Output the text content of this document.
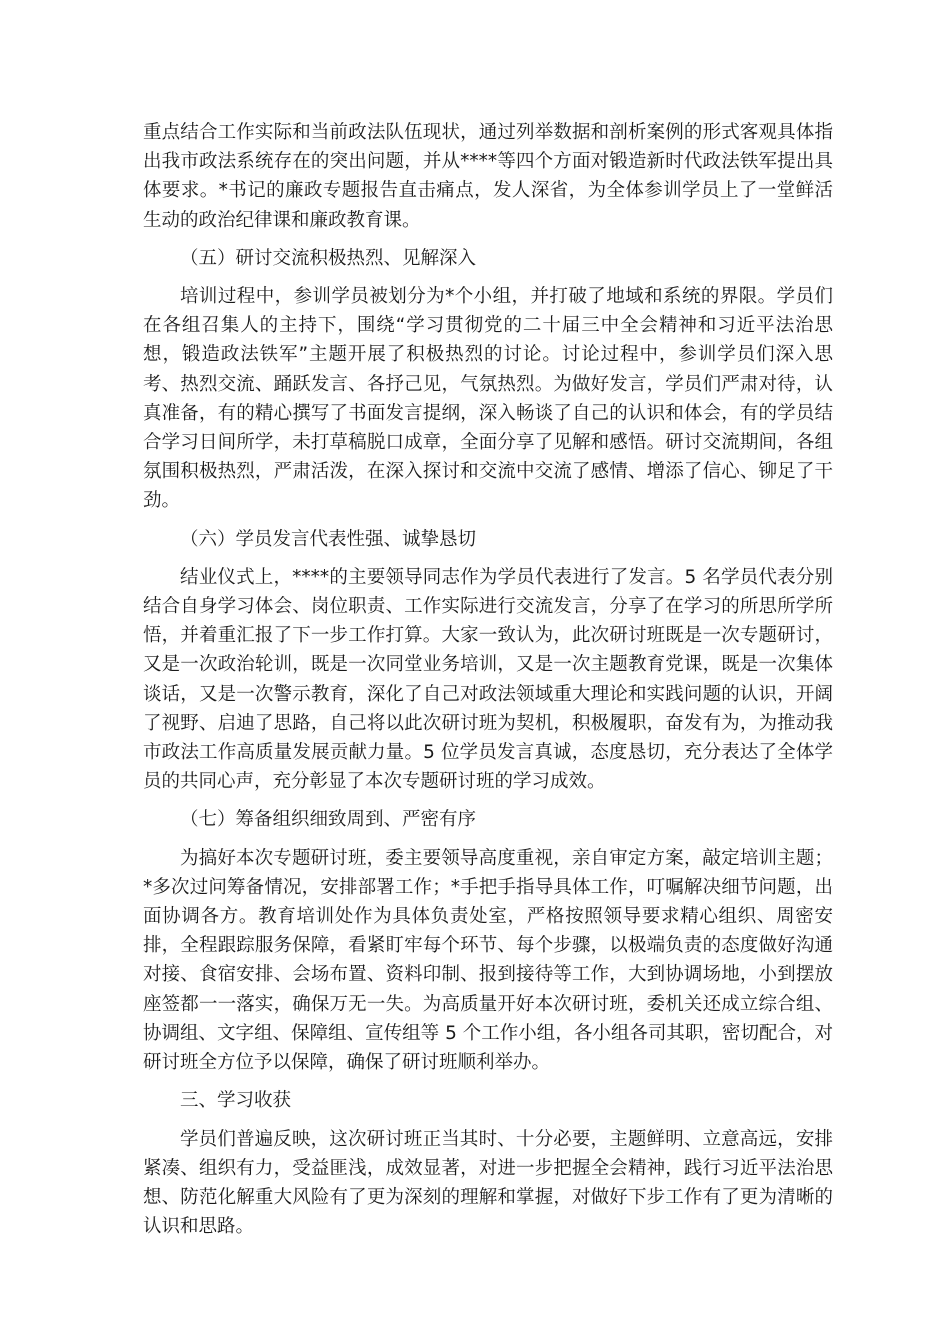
重点结合工作实际和当前政法队伍现状，通过列举数据和剖析案例的形式客观具体指出我市政法系统存在的突出问题，并从****等四个方面对锻造新时代政法铁军提出具体要求。*书记的廉政专题报告直击痛点，发人深省，为全体参训学员上了一堂鲜活生动的政治纪律课和廉政教育课。

（五）研讨交流积极热烈、见解深入

培训过程中，参训学员被划分为*个小组，并打破了地域和系统的界限。学员们在各组召集人的主持下，围绕“学习贯彻党的二十届三中全会精神和习近平法治思想，锻造政法铁军”主题开展了积极热烈的讨论。讨论过程中，参训学员们深入思考、热烈交流、踊跃发言、各抒己见，气氛热烈。为做好发言，学员们严肃对待，认真准备，有的精心撰写了书面发言提纲，深入畅谈了自己的认识和体会，有的学员结合学习日间所学，未打草稿脱口成章，全面分享了见解和感悟。研讨交流期间，各组氛围积极热烈，严肃活泼，在深入探讨和交流中交流了感情、增添了信心、铆足了干劲。

（六）学员发言代表性强、诚挚恳切

结业仪式上，****的主要领导同志作为学员代表进行了发言。5 名学员代表分别结合自身学习体会、岗位职责、工作实际进行交流发言，分享了在学习的所思所学所悟，并着重汇报了下一步工作打算。大家一致认为，此次研讨班既是一次专题研讨，又是一次政治轮训，既是一次同堂业务培训，又是一次主题教育党课，既是一次集体谈话，又是一次警示教育，深化了自己对政法领域重大理论和实践问题的认识，开阔了视野、启迪了思路，自己将以此次研讨班为契机，积极履职，奋发有为，为推动我市政法工作高质量发展贡献力量。5 位学员发言真诚，态度恳切，充分表达了全体学员的共同心声，充分彰显了本次专题研讨班的学习成效。

（七）筹备组织细致周到、严密有序

为搞好本次专题研讨班，委主要领导高度重视，亲自审定方案，敲定培训主题；*多次过问筹备情况，安排部署工作；*手把手指导具体工作，叮嘱解决细节问题，出面协调各方。教育培训处作为具体负责处室，严格按照领导要求精心组织、周密安排，全程跟踪服务保障，看紧盯牢每个环节、每个步骤，以极端负责的态度做好沟通对接、食宿安排、会场布置、资料印制、报到接待等工作，大到协调场地，小到摆放座签都一一落实，确保万无一失。为高质量开好本次研讨班，委机关还成立综合组、协调组、文字组、保障组、宣传组等 5 个工作小组，各小组各司其职，密切配合，对研讨班全方位予以保障，确保了研讨班顺利举办。

三、学习收获

学员们普遍反映，这次研讨班正当其时、十分必要，主题鲜明、立意高远，安排紧凑、组织有力，受益匪浅，成效显著，对进一步把握全会精神，践行习近平法治思想、防范化解重大风险有了更为深刻的理解和掌握，对做好下步工作有了更为清晰的认识和思路。
